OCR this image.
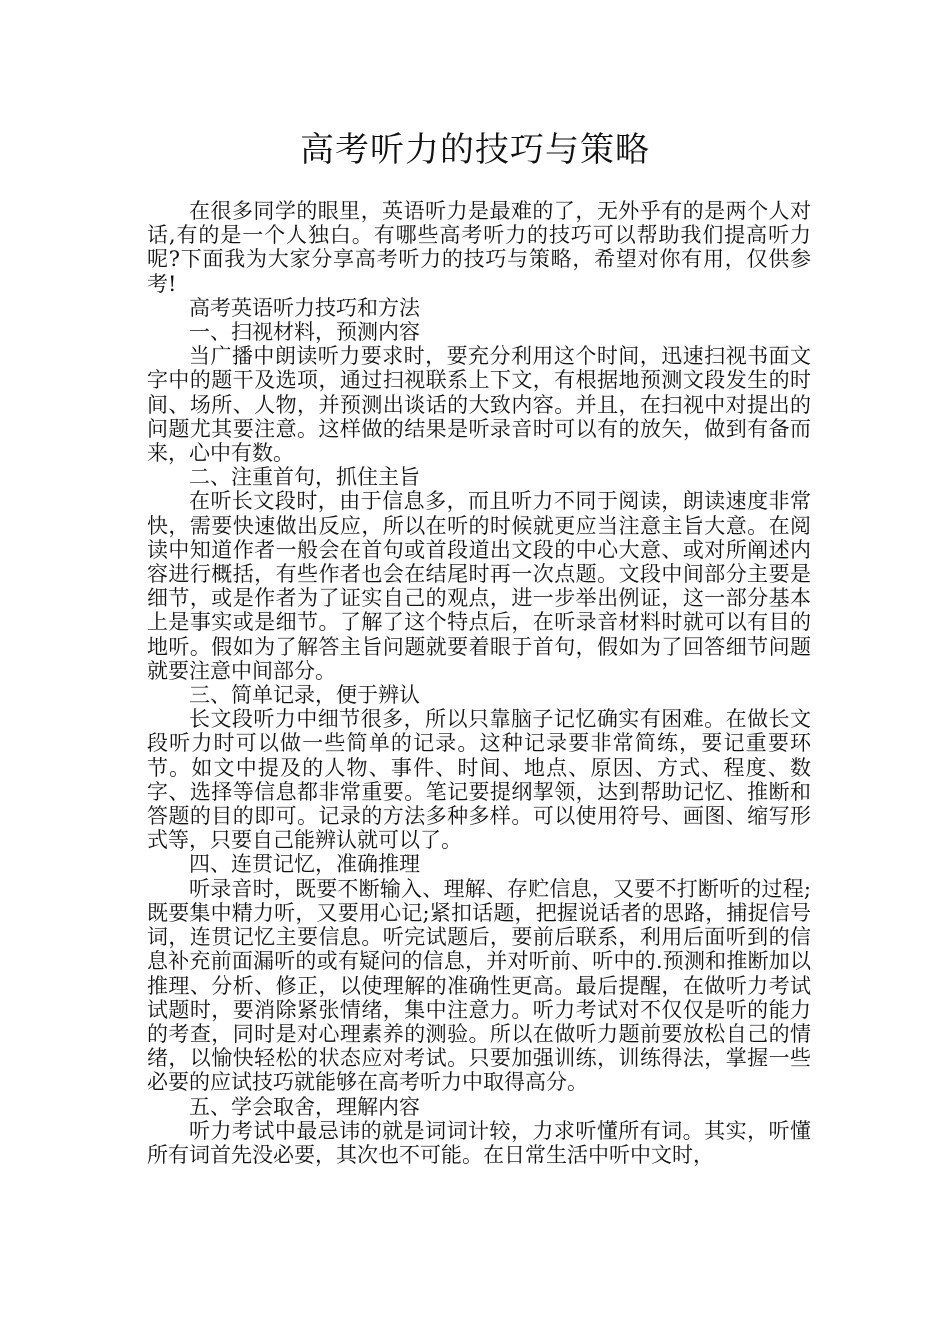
高考听力的技巧与策略

在很多同学的眼里，英语听力是最难的了，无外乎有的是两个人对话,有的是一个人独白。有哪些高考听力的技巧可以帮助我们提高听力呢?下面我为大家分享高考听力的技巧与策略，希望对你有用，仅供参考!

高考英语听力技巧和方法

一、扫视材料，预测内容

当广播中朗读听力要求时，要充分利用这个时间，迅速扫视书面文字中的题干及选项，通过扫视联系上下文，有根据地预测文段发生的时间、场所、人物，并预测出谈话的大致内容。并且，在扫视中对提出的问题尤其要注意。这样做的结果是听录音时可以有的放矢，做到有备而来，心中有数。

二、注重首句，抓住主旨

在听长文段时，由于信息多，而且听力不同于阅读，朗读速度非常快，需要快速做出反应，所以在听的时候就更应当注意主旨大意。在阅读中知道作者一般会在首句或首段道出文段的中心大意、或对所阐述内容进行概括，有些作者也会在结尾时再一次点题。文段中间部分主要是细节，或是作者为了证实自己的观点，进一步举出例证，这一部分基本上是事实或是细节。了解了这个特点后，在听录音材料时就可以有目的地听。假如为了解答主旨问题就要着眼于首句，假如为了回答细节问题就要注意中间部分。

三、简单记录，便于辨认

长文段听力中细节很多，所以只靠脑子记忆确实有困难。在做长文段听力时可以做一些简单的记录。这种记录要非常简练，要记重要环节。如文中提及的人物、事件、时间、地点、原因、方式、程度、数字、选择等信息都非常重要。笔记要提纲挈领，达到帮助记忆、推断和答题的目的即可。记录的方法多种多样。可以使用符号、画图、缩写形式等，只要自己能辨认就可以了。

四、连贯记忆，准确推理

听录音时，既要不断输入、理解、存贮信息，又要不打断听的过程;既要集中精力听，又要用心记;紧扣话题，把握说话者的思路，捕捉信号词，连贯记忆主要信息。听完试题后，要前后联系，利用后面听到的信息补充前面漏听的或有疑问的信息，并对听前、听中的.预测和推断加以推理、分析、修正，以使理解的准确性更高。最后提醒，在做听力考试试题时，要消除紧张情绪，集中注意力。听力考试对不仅仅是听的能力的考查，同时是对心理素养的测验。所以在做听力题前要放松自己的情绪，以愉快轻松的状态应对考试。只要加强训练，训练得法，掌握一些必要的应试技巧就能够在高考听力中取得高分。

五、学会取舍，理解内容

听力考试中最忌讳的就是词词计较，力求听懂所有词。其实，听懂所有词首先没必要，其次也不可能。在日常生活中听中文时，
